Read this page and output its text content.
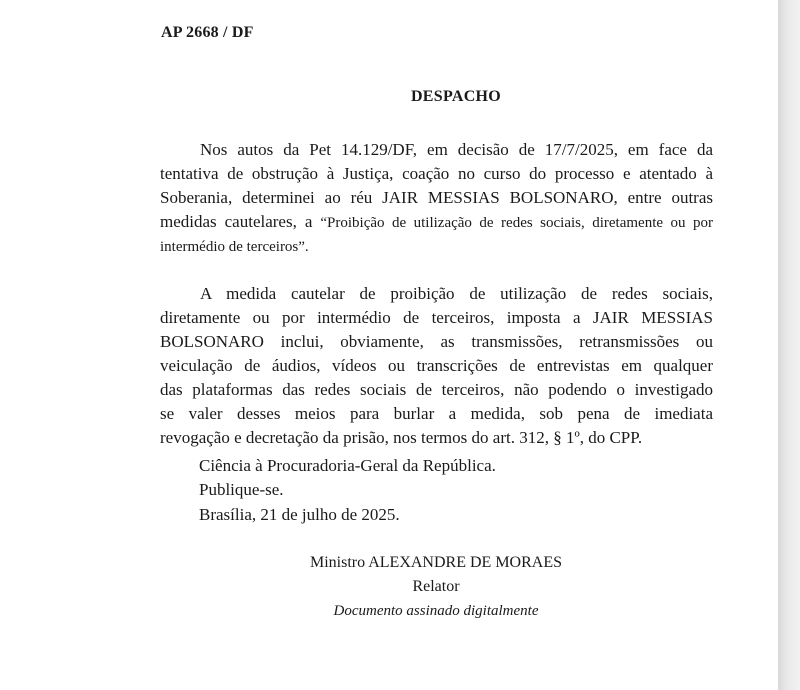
AP 2668 / DF
DESPACHO
Nos autos da Pet 14.129/DF, em decisão de 17/7/2025, em face da
tentativa de obstrução à Justiça, coação no curso do processo e atentado à
Soberania, determinei ao réu JAIR MESSIAS BOLSONARO, entre outras
medidas cautelares, a “Proibição de utilização de redes sociais, diretamente ou por
intermédio de terceiros”.
A medida cautelar de proibição de utilização de redes sociais,
diretamente ou por intermédio de terceiros, imposta a JAIR MESSIAS
BOLSONARO inclui, obviamente, as transmissões, retransmissões ou
veiculação de áudios, vídeos ou transcrições de entrevistas em qualquer
das plataformas das redes sociais de terceiros, não podendo o investigado
se valer desses meios para burlar a medida, sob pena de imediata
revogação e decretação da prisão, nos termos do art. 312, § 1º, do CPP.
Ciência à Procuradoria-Geral da República.
Publique-se.
Brasília, 21 de julho de 2025.
Ministro ALEXANDRE DE MORAES
Relator
Documento assinado digitalmente
